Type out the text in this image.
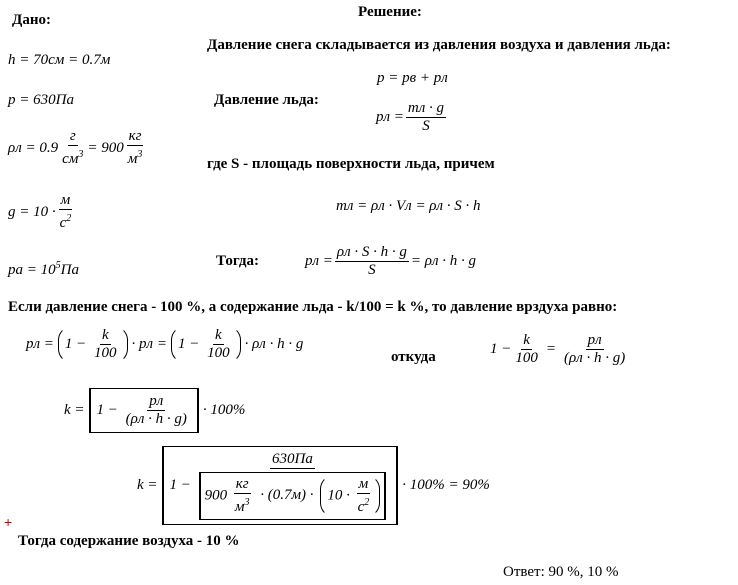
Дано:
h = 70см = 0.7м
p = 630Па
$\rho л = 0.9 \frac{г}{см^3} = 900 \frac{кг}{м^3}$
$g = 10 \cdot \frac{м}{с^2}$
pа = $10^5Па$
Решение:
Давление снега складывается из давления воздуха и давления льда:
p = pв + pл
Давление льда:
pл = $\frac{mл \cdot g}{S}$
где S - площадь поверхности льда, причем
mл = ρл · Vл = ρл · S · h
Тогда:	pл = $\frac{\rho л \cdot S \cdot h \cdot g}{S} = \rho л \cdot h \cdot g$
Если давление снега - 100 %, а содержание льда - k/100 = k %, то давление врздуха равно:
pл = $1 - \frac{k}{100}$ · pл = $1 - \frac{k}{100} \cdot \rho л \cdot h \cdot g$
откуда	$1 - \frac{k}{100} = \frac{pл}{(\rho л \cdot h \cdot g)}$
$k = 1 - \frac{pл}{(\rho л \cdot h \cdot g)} \cdot 100\%$
k = 1 −
630Па
$900 \frac{кг}{м^3} \cdot (0.7м) \cdot 10 \cdot \frac{м}{с^2} \cdot 100\% = 90\%$
+
Тогда содержание воздуха - 10 %
Ответ: 90 %, 10 %
